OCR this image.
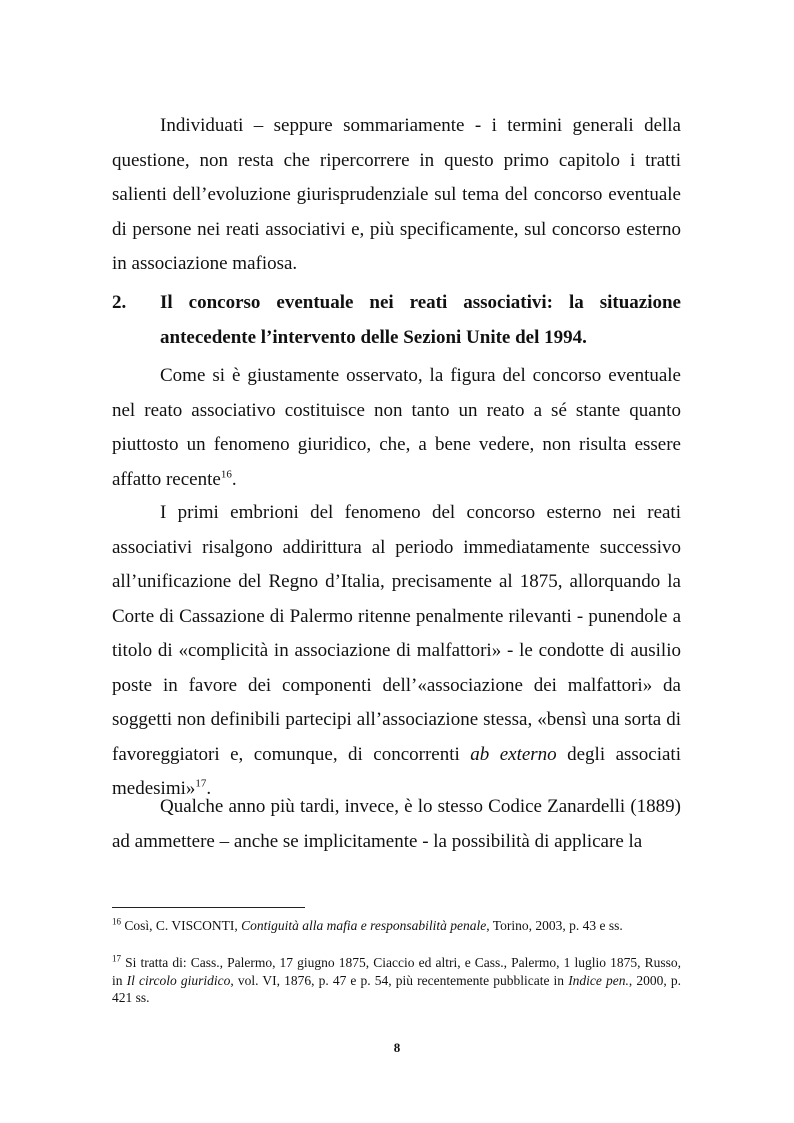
Individuati – seppure sommariamente - i termini generali della questione, non resta che ripercorrere in questo primo capitolo i tratti salienti dell’evoluzione giurisprudenziale sul tema del concorso eventuale di persone nei reati associativi e, più specificamente, sul concorso esterno in associazione mafiosa.

2. Il concorso eventuale nei reati associativi: la situazione antecedente l’intervento delle Sezioni Unite del 1994.

Come si è giustamente osservato, la figura del concorso eventuale nel reato associativo costituisce non tanto un reato a sé stante quanto piuttosto un fenomeno giuridico, che, a bene vedere, non risulta essere affatto recente$^{16}$.

I primi embrioni del fenomeno del concorso esterno nei reati associativi risalgono addirittura al periodo immediatamente successivo all’unificazione del Regno d’Italia, precisamente al 1875, allorquando la Corte di Cassazione di Palermo ritenne penalmente rilevanti - punendole a titolo di «complicità in associazione di malfattori» - le condotte di ausilio poste in favore dei componenti dell’«associazione dei malfattori» da soggetti non definibili partecipi all’associazione stessa, «bensì una sorta di favoreggiatori e, comunque, di concorrenti ab externo degli associati medesimi»$^{17}$.

Qualche anno più tardi, invece, è lo stesso Codice Zanardelli (1889) ad ammettere – anche se implicitamente - la possibilità di applicare la

$^{16}$ Così, C. VISCONTI, Contiguità alla mafia e responsabilità penale, Torino, 2003, p. 43 e ss.

$^{17}$ Si tratta di: Cass., Palermo, 17 giugno 1875, Ciaccio ed altri, e Cass., Palermo, 1 luglio 1875, Russo, in Il circolo giuridico, vol. VI, 1876, p. 47 e p. 54, più recentemente pubblicate in Indice pen., 2000, p. 421 ss.

8
